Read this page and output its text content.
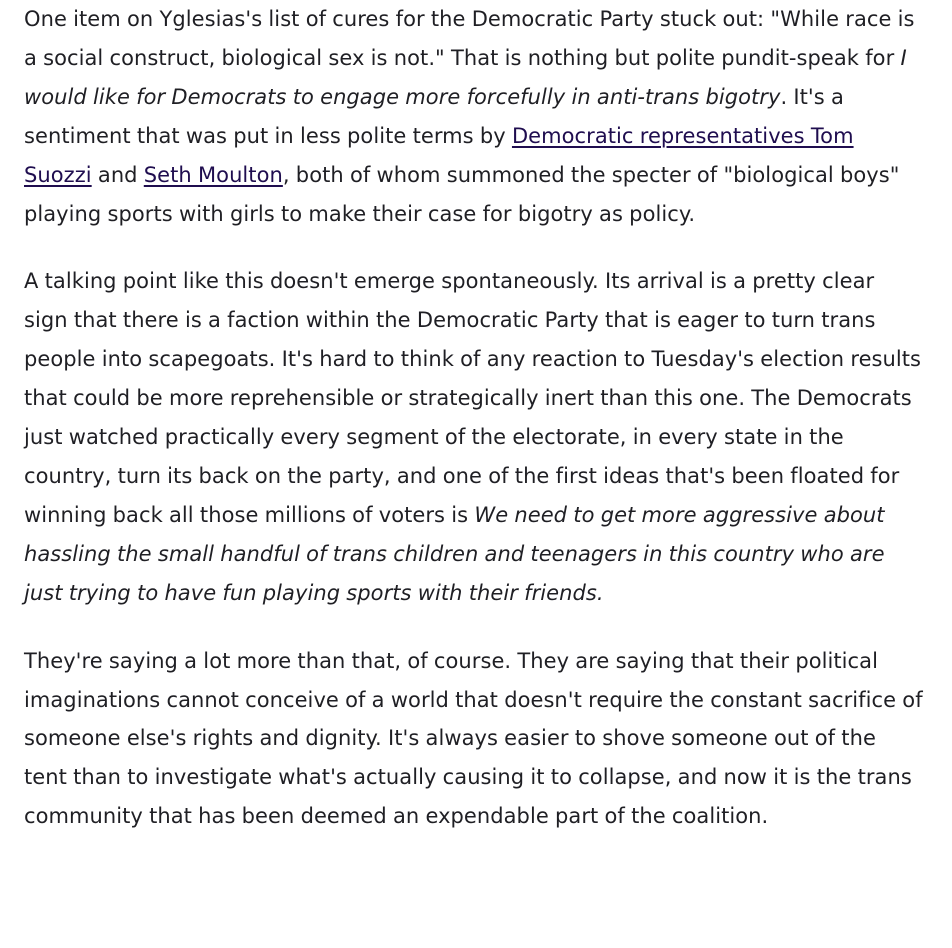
One item on Yglesias's list of cures for the Democratic Party stuck out: "While race is a social construct, biological sex is not." That is nothing but polite pundit-speak for I would like for Democrats to engage more forcefully in anti-trans bigotry. It's a sentiment that was put in less polite terms by Democratic representatives Tom Suozzi and Seth Moulton, both of whom summoned the specter of "biological boys" playing sports with girls to make their case for bigotry as policy.

A talking point like this doesn't emerge spontaneously. Its arrival is a pretty clear sign that there is a faction within the Democratic Party that is eager to turn trans people into scapegoats. It's hard to think of any reaction to Tuesday's election results that could be more reprehensible or strategically inert than this one. The Democrats just watched practically every segment of the electorate, in every state in the country, turn its back on the party, and one of the first ideas that's been floated for winning back all those millions of voters is We need to get more aggressive about hassling the small handful of trans children and teenagers in this country who are just trying to have fun playing sports with their friends.

They're saying a lot more than that, of course. They are saying that their political imaginations cannot conceive of a world that doesn't require the constant sacrifice of someone else's rights and dignity. It's always easier to shove someone out of the tent than to investigate what's actually causing it to collapse, and now it is the trans community that has been deemed an expendable part of the coalition.
